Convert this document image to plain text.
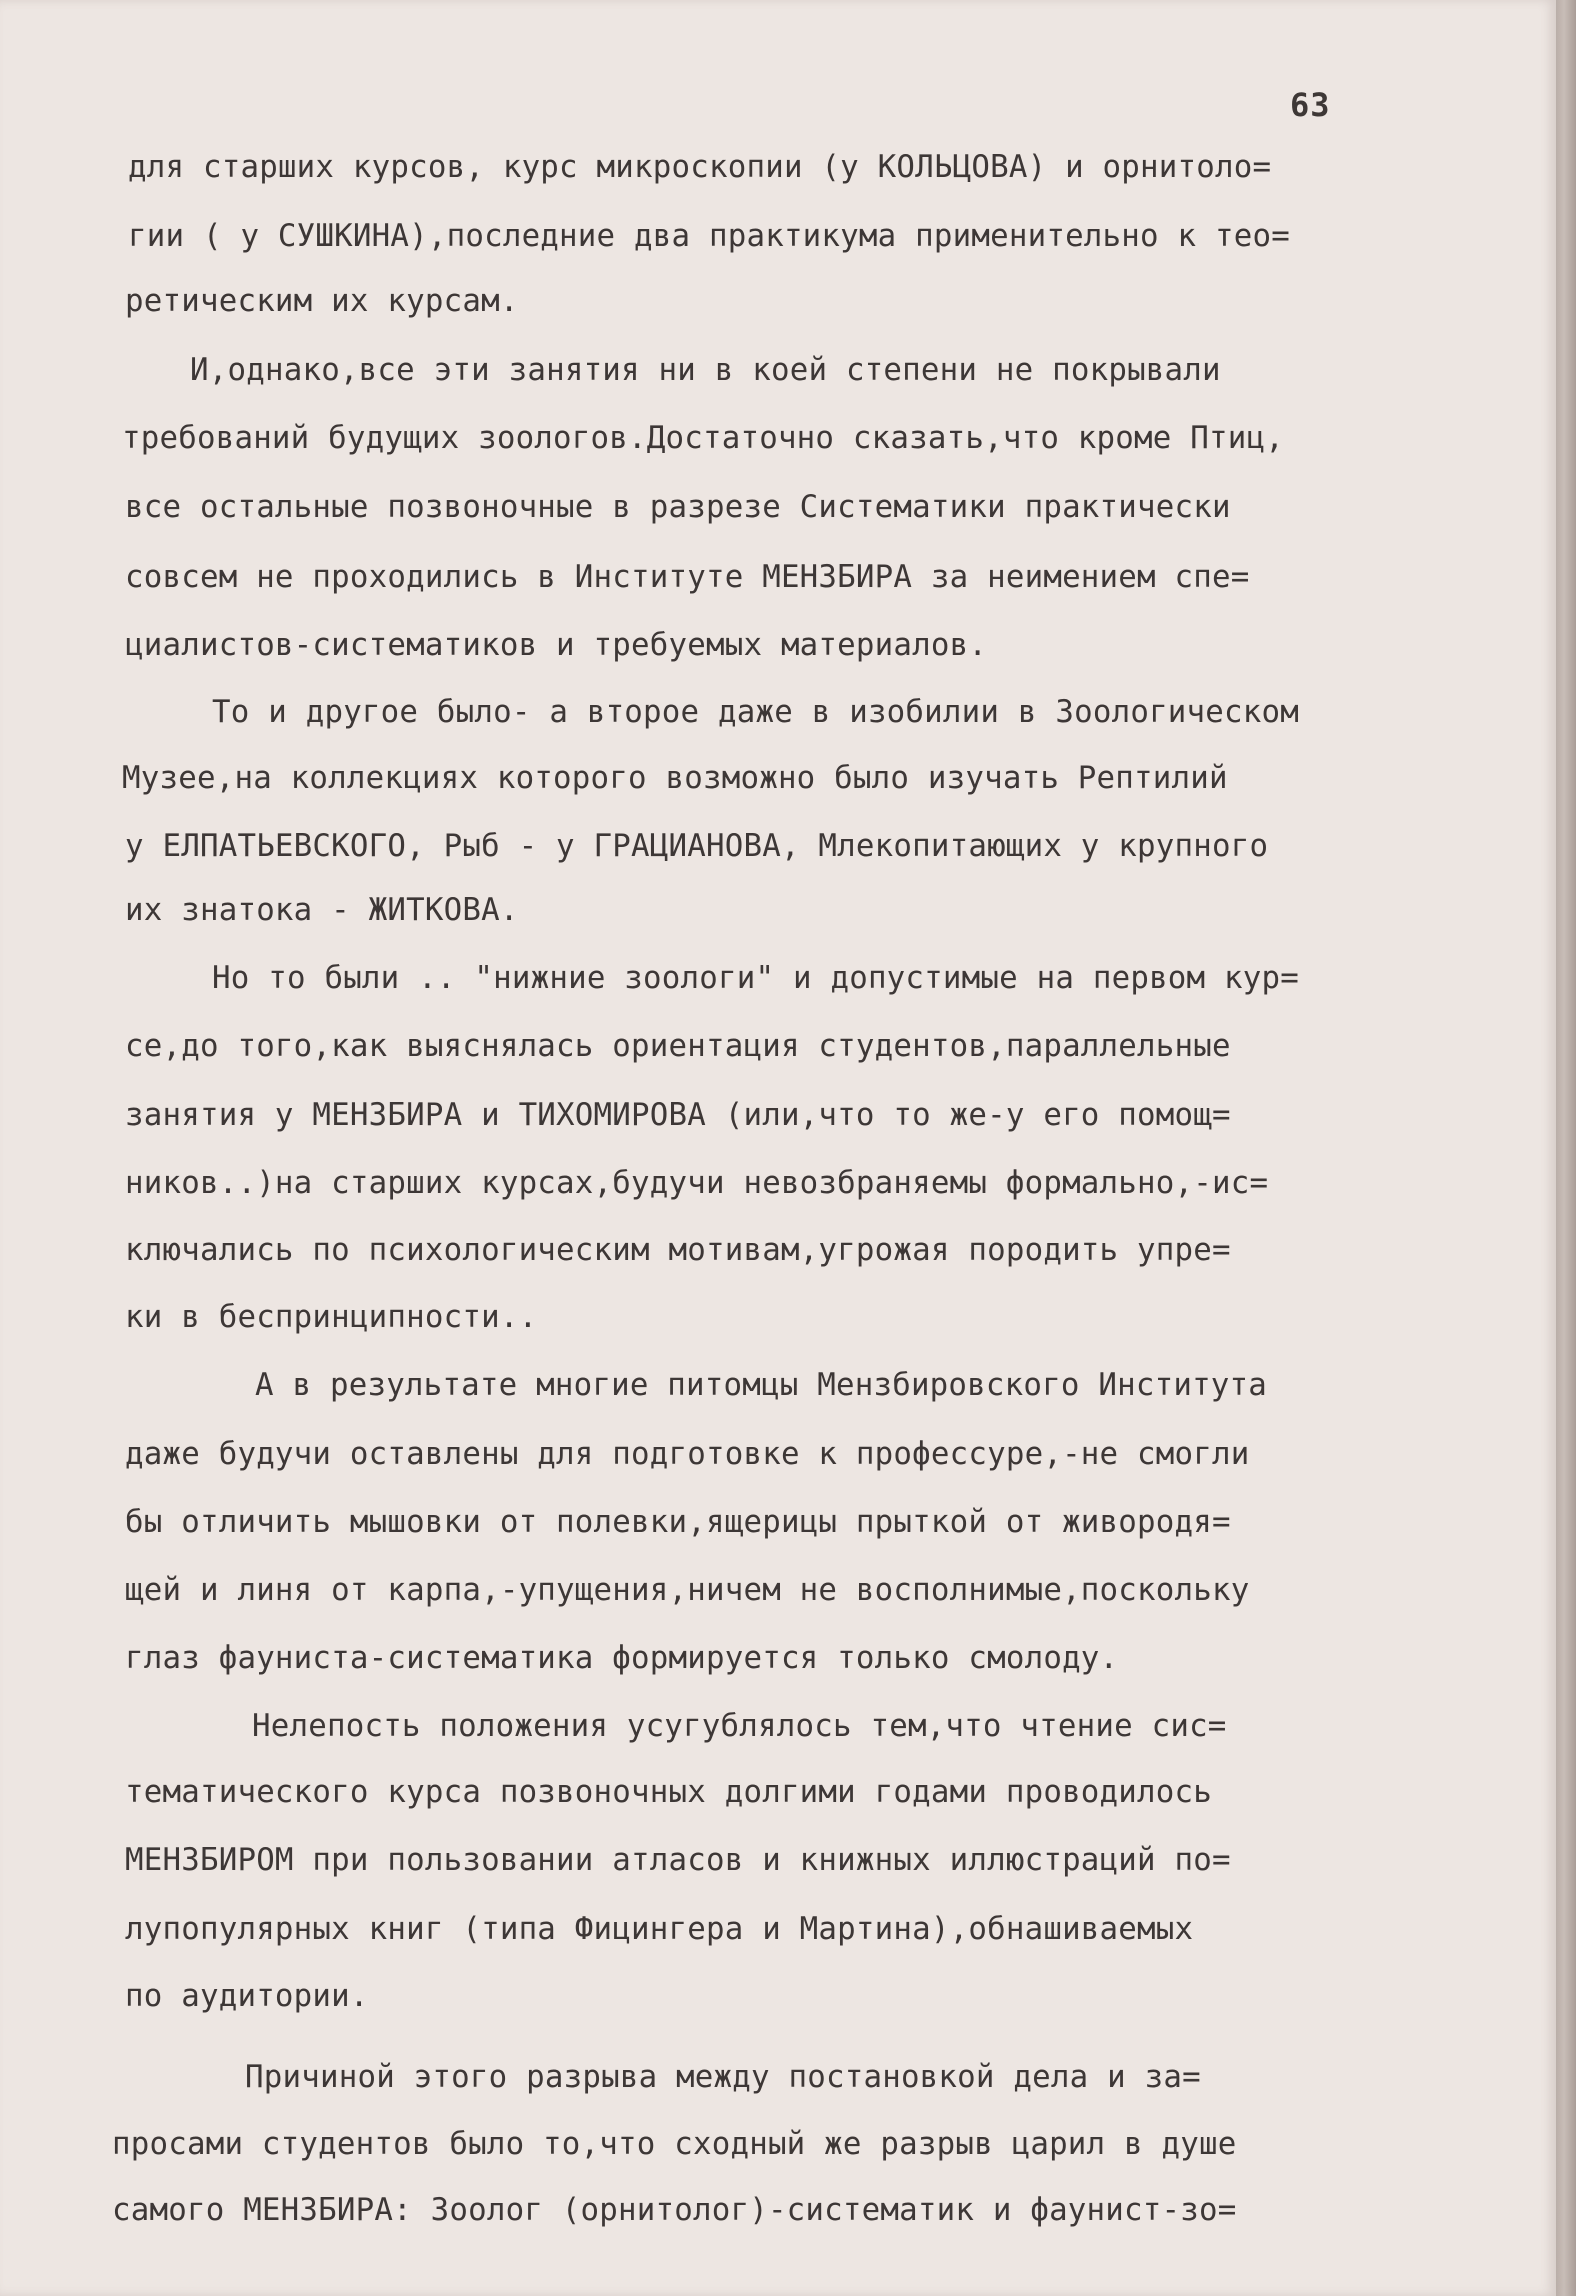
63
для старших курсов, курс микроскопии (у КОЛЬЦОВА) и орнитоло=
гии ( у СУШКИНА),последние два практикума применительно к тео=
ретическим их курсам.
И,однако,все эти занятия ни в коей степени не покрывали
требований будущих зоологов.Достаточно сказать,что кроме Птиц,
все остальные позвоночные в разрезе Систематики практически
совсем не проходились в Институте МЕНЗБИРА за неимением спе=
циалистов-систематиков и требуемых материалов.
То и другое было- а второе даже в изобилии в Зоологическом
Музее,на коллекциях которого возможно было изучать Рептилий
у ЕЛПАТЬЕВСКОГО, Рыб - у ГРАЦИАНОВА, Млекопитающих у крупного
их знатока - ЖИТКОВА.
Но то были .. "нижние зоологи" и допустимые на первом кур=
се,до того,как выяснялась ориентация студентов,параллельные
занятия у МЕНЗБИРА и ТИХОМИРОВА (или,что то же-у его помощ=
ников..)на старших курсах,будучи невозбраняемы формально,-ис=
ключались по психологическим мотивам,угрожая породить упре=
ки в беспринципности..
А в результате многие питомцы Мензбировского Института
даже будучи оставлены для подготовке к профессуре,-не смогли
бы отличить мышовки от полевки,ящерицы прыткой от живородя=
щей и линя от карпа,-упущения,ничем не восполнимые,поскольку
глаз фауниста-систематика формируется только смолоду.
Нелепость положения усугублялось тем,что чтение сис=
тематического курса позвоночных долгими годами проводилось
МЕНЗБИРОМ при пользовании атласов и книжных иллюстраций по=
лупопулярных книг (типа Фицингера и Мартина),обнашиваемых
по аудитории.
Причиной этого разрыва между постановкой дела и за=
просами студентов было то,что сходный же разрыв царил в душе
самого МЕНЗБИРА: Зоолог (орнитолог)-систематик и фаунист-зо=
